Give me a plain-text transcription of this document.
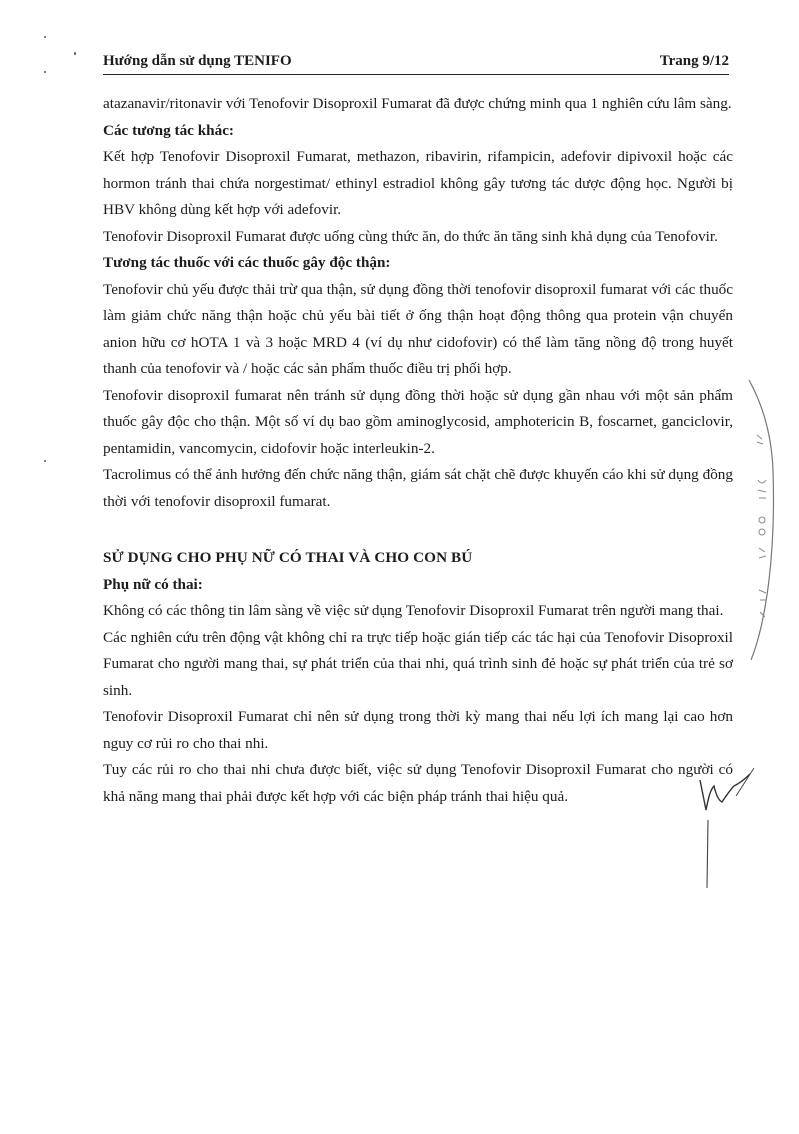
Hướng dẫn sử dụng TENIFO	Trang 9/12

atazanavir/ritonavir với Tenofovir Disoproxil Fumarat đã được chứng minh qua 1 nghiên cứu lâm sàng.

Các tương tác khác:

Kết hợp Tenofovir Disoproxil Fumarat, methazon, ribavirin, rifampicin, adefovir dipivoxil hoặc các hormon tránh thai chứa norgestimat/ ethinyl estradiol không gây tương tác dược động học. Người bị HBV không dùng kết hợp với adefovir.

Tenofovir Disoproxil Fumarat được uống cùng thức ăn, do thức ăn tăng sinh khả dụng của Tenofovir.

Tương tác thuốc với các thuốc gây độc thận:

Tenofovir chủ yếu được thải trừ qua thận, sử dụng đồng thời tenofovir disoproxil fumarat với các thuốc làm giảm chức năng thận hoặc chủ yếu bài tiết ở ống thận hoạt động thông qua protein vận chuyển anion hữu cơ hOTA 1 và 3 hoặc MRD 4 (ví dụ như cidofovir) có thể làm tăng nồng độ trong huyết thanh của tenofovir và / hoặc các sản phẩm thuốc điều trị phối hợp.

Tenofovir disoproxil fumarat nên tránh sử dụng đồng thời hoặc sử dụng gần nhau với một sản phẩm thuốc gây độc cho thận. Một số ví dụ bao gồm aminoglycosid, amphotericin B, foscarnet, ganciclovir, pentamidin, vancomycin, cidofovir hoặc interleukin-2.

Tacrolimus có thể ảnh hưởng đến chức năng thận, giám sát chặt chẽ được khuyến cáo khi sử dụng đồng thời với tenofovir disoproxil fumarat.

SỬ DỤNG CHO PHỤ NỮ CÓ THAI VÀ CHO CON BÚ
Phụ nữ có thai:

Không có các thông tin lâm sàng về việc sử dụng Tenofovir Disoproxil Fumarat trên người mang thai.

Các nghiên cứu trên động vật không chỉ ra trực tiếp hoặc gián tiếp các tác hại của Tenofovir Disoproxil Fumarat cho người mang thai, sự phát triển của thai nhi, quá trình sinh đẻ hoặc sự phát triển của trẻ sơ sinh.

Tenofovir Disoproxil Fumarat chỉ nên sử dụng trong thời kỳ mang thai nếu lợi ích mang lại cao hơn nguy cơ rủi ro cho thai nhi.

Tuy các rủi ro cho thai nhi chưa được biết, việc sử dụng Tenofovir Disoproxil Fumarat cho người có khả năng mang thai phải được kết hợp với các biện pháp tránh thai hiệu quả.
